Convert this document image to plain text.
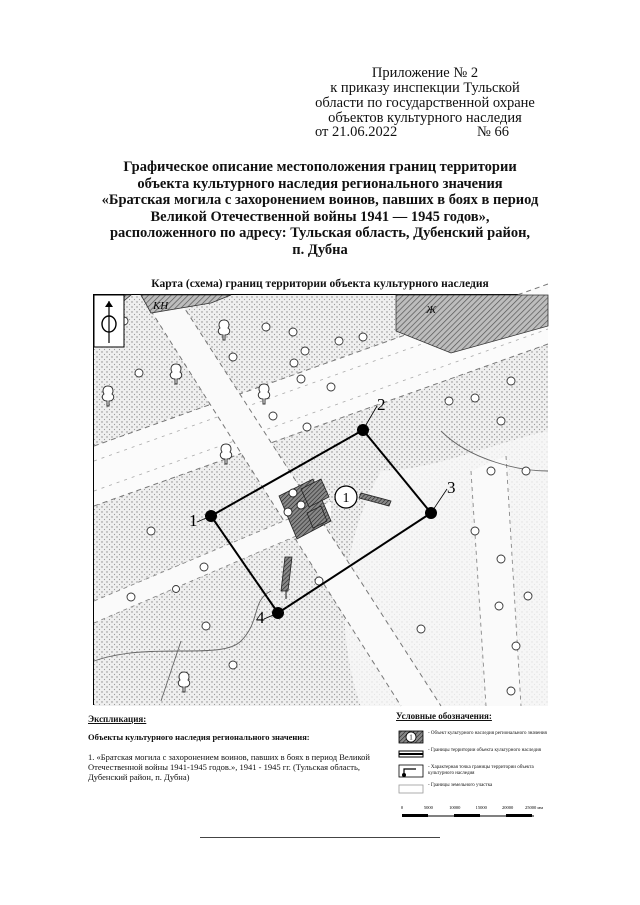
Приложение № 2
к приказу инспекции Тульской
области по государственной охране
объектов культурного наследия
от 21.06.2022	№ 66
Графическое описание местоположения границ территории
объекта культурного наследия регионального значения
«Братская могила с захоронением воинов, павших в боях в период
Великой Отечественной войны 1941 — 1945 годов»,
расположенного по адресу: Тульская область, Дубенский район,
п. Дубна
Карта (схема) границ территории объекта культурного наследия
1
2
3
4
1
КН	Ж
Экспликация:
Объекты культурного наследия регионального значения:
1. «Братская могила с захоронением воинов, павших в боях в период Великой Отечественной войны 1941-1945 годов.», 1941 - 1945 гг. (Тульская область, Дубенский район, п. Дубна)
Условные обозначения:
1	- Объект культурного наследия регионального значения
- Границы территории объекта культурного наследия
- Характерная точка границы территории объекта культурного наследия
- Границы земельного участка
0	5000	10000	15000	20000	25000 мм
